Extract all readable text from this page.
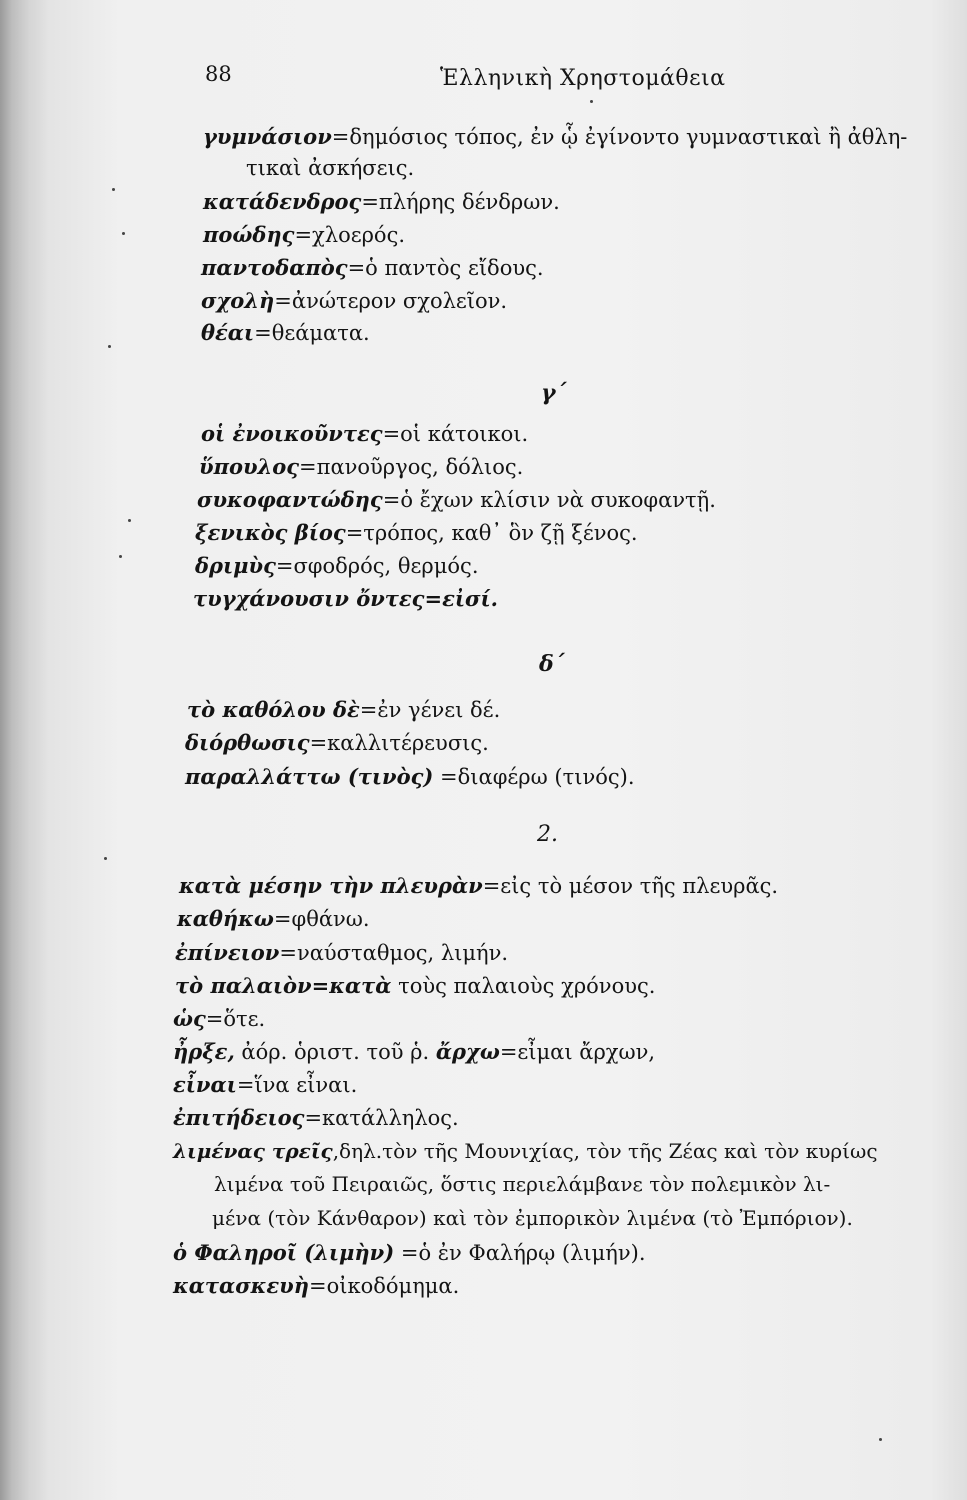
88	Ἑλληνικὴ Χρηστομάθεια
γυμνάσιον=δημόσιος τόπος, ἐν ᾧ ἐγίνοντο γυμναστικαὶ ἢ ἀθλη-
τικαὶ ἀσκήσεις.
κατάδενδρος=πλήρης δένδρων.
ποώδης=χλοερός.
παντοδαπὸς=ὁ παντὸς εἴδους.
σχολὴ=ἀνώτερον σχολεῖον.
θέαι=θεάματα.
γ΄
οἱ ἐνοικοῦντες=οἱ κάτοικοι.
ὕπουλος=πανοῦργος, δόλιος.
συκοφαντώδης=ὁ ἔχων κλίσιν νὰ συκοφαντῇ.
ξενικὸς βίος=τρόπος, καθ᾽ ὃν ζῇ ξένος.
δριμὺς=σφοδρός, θερμός.
τυγχάνουσιν ὄντες=εἰσί.
δ΄
τὸ καθόλου δὲ=ἐν γένει δέ.
διόρθωσις=καλλιτέρευσις.
παραλλάττω (τινὸς) =διαφέρω (τινός).
2.
κατὰ μέσην τὴν πλευρὰν=εἰς τὸ μέσον τῆς πλευρᾶς.
καθήκω=φθάνω.
ἐπίνειον=ναύσταθμος, λιμήν.
τὸ παλαιὸν=κατὰ τοὺς παλαιοὺς χρόνους.
ὡς=ὅτε.
ἦρξε, ἀόρ. ὁριστ. τοῦ ῥ. ἄρχω=εἶμαι ἄρχων,
εἶναι=ἵνα εἶναι.
ἐπιτήδειος=κατάλληλος.
λιμένας τρεῖς,δηλ.τὸν τῆς Μουνιχίας, τὸν τῆς Ζέας καὶ τὸν κυρίως
λιμένα τοῦ Πειραιῶς, ὅστις περιελάμβανε τὸν πολεμικὸν λι-
μένα (τὸν Κάνθαρον) καὶ τὸν ἐμπορικὸν λιμένα (τὸ Ἐμπόριον).
ὁ Φαληροῖ (λιμὴν) =ὁ ἐν Φαλήρῳ (λιμήν).
κατασκευὴ=οἰκοδόμημα.
